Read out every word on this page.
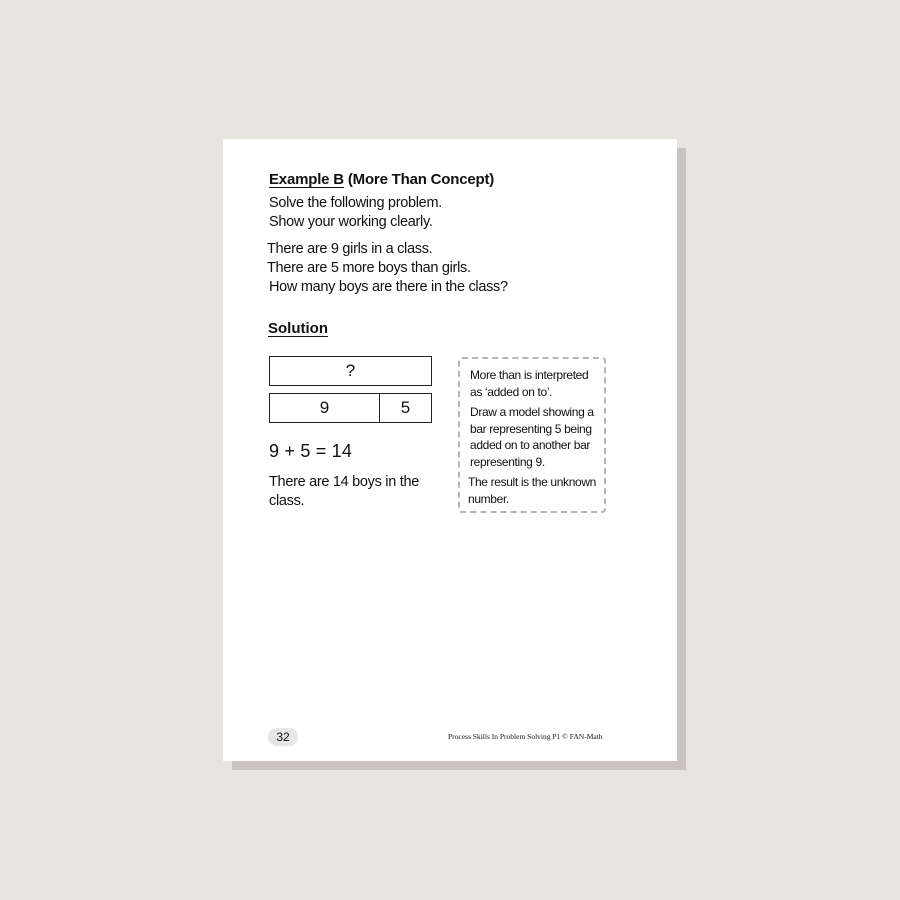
Example B (More Than Concept)
Solve the following problem.
Show your working clearly.
There are 9 girls in a class.
There are 5 more boys than girls.
How many boys are there in the class?
Solution
?
9	5
9 + 5 = 14
There are 14 boys in the
class.

More than is interpreted
as ‘added on to’.

Draw a model showing a
bar representing 5 being
added on to another bar
representing 9.

The result is the unknown
number.

32	Process Skills In Problem Solving P1 © FAN-Math
